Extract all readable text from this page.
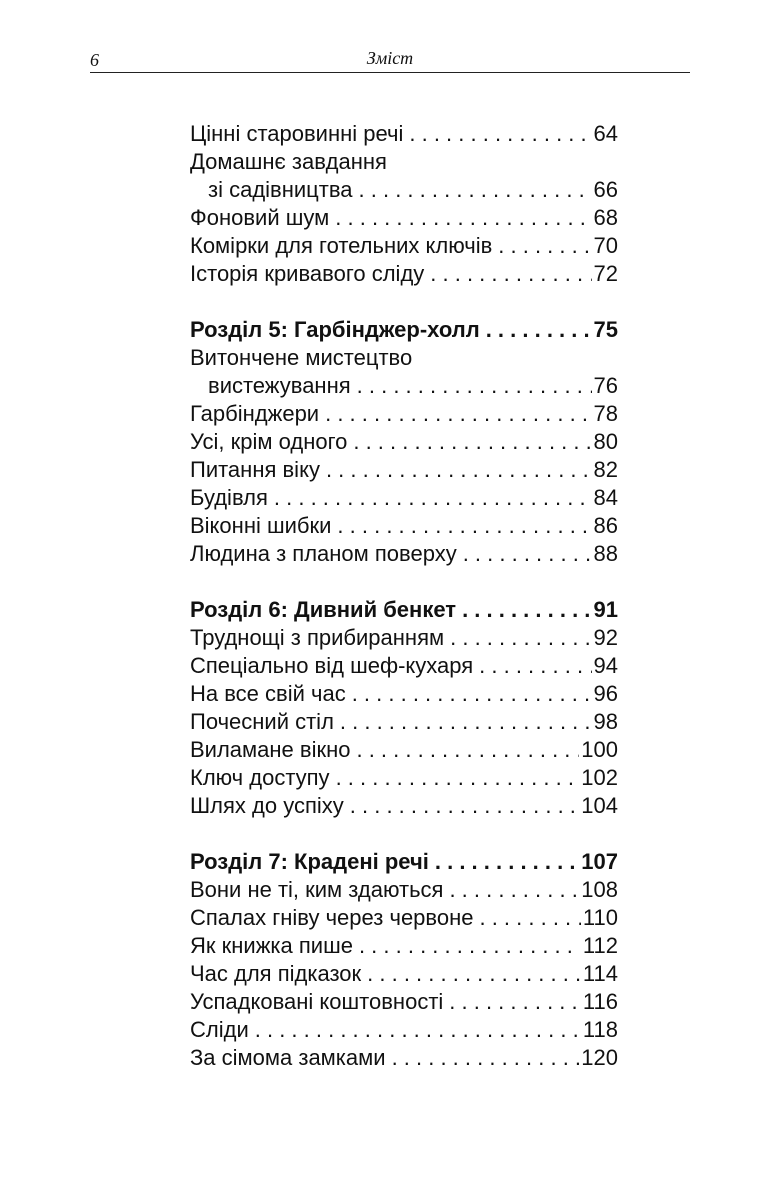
6	Зміст
Цінні старовинні речі . . .	64
Домашнє завдання
зі садівництва . . .	66
Фоновий шум . . .	68
Комірки для готельних ключів . . .	70
Історія кривавого сліду . . .	72
Розділ 5: Гарбінджер-холл . . .	75
Витончене мистецтво
вистежування . . .	76
Гарбінджери . . .	78
Усі, крім одного . . .	80
Питання віку . . .	82
Будівля . . .	84
Віконні шибки . . .	86
Людина з планом поверху . . .	88
Розділ 6: Дивний бенкет . . .	91
Труднощі з прибиранням . . .	92
Спеціально від шеф-кухаря . . .	94
На все свій час . . .	96
Почесний стіл . . .	98
Виламане вікно . . .	100
Ключ доступу . . .	102
Шлях до успіху . . .	104
Розділ 7: Крадені речі . . .	107
Вони не ті, ким здаються . . .	108
Спалах гніву через червоне . . .	110
Як книжка пише . . .	112
Час для підказок . . .	114
Успадковані коштовності . . .	116
Сліди . . .	118
За сімома замками . . .	120
